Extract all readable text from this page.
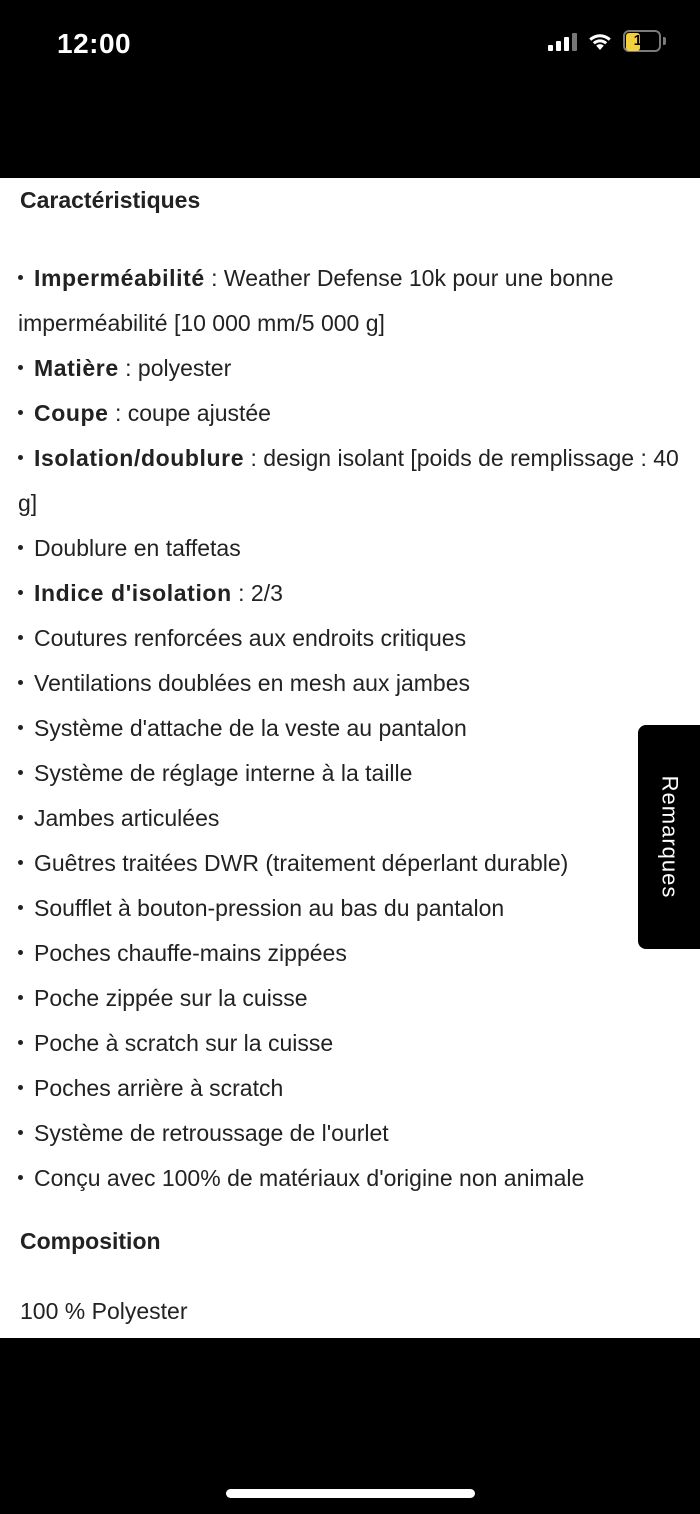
12:00	19
Caractéristiques
Imperméabilité : Weather Defense 10k pour une bonne imperméabilité [10 000 mm/5 000 g]
Matière : polyester
Coupe : coupe ajustée
Isolation/doublure : design isolant [poids de remplissage : 40 g]
Doublure en taffetas
Indice d'isolation : 2/3
Coutures renforcées aux endroits critiques
Ventilations doublées en mesh aux jambes
Système d'attache de la veste au pantalon
Système de réglage interne à la taille
Jambes articulées
Guêtres traitées DWR (traitement déperlant durable)
Soufflet à bouton-pression au bas du pantalon
Poches chauffe-mains zippées
Poche zippée sur la cuisse
Poche à scratch sur la cuisse
Poches arrière à scratch
Système de retroussage de l'ourlet
Conçu avec 100% de matériaux d'origine non animale
Composition
100 % Polyester
Remarques
